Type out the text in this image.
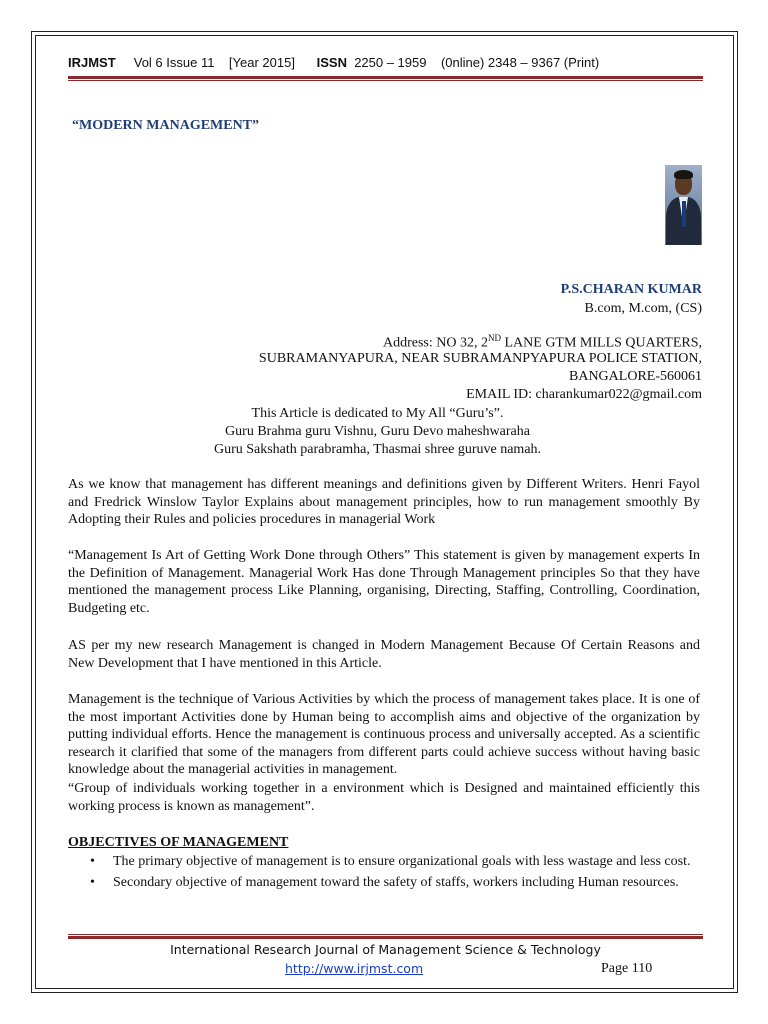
IRJMST Vol 6 Issue 11 [Year 2015] ISSN 2250 – 1959 (0nline) 2348 – 9367 (Print)
“MODERN MANAGEMENT”
P.S.CHARAN KUMAR
B.com, M.com, (CS)
Address: NO 32, 2ND LANE GTM MILLS QUARTERS,
SUBRAMANYAPURA, NEAR SUBRAMANPYAPURA POLICE STATION,
BANGALORE-560061
EMAIL ID: charankumar022@gmail.com
This Article is dedicated to My All “Guru’s”.
Guru Brahma guru Vishnu, Guru Devo maheshwaraha
Guru Sakshath parabramha, Thasmai shree guruve namah.
As we know that management has different meanings and definitions given by Different Writers. Henri Fayol and Fredrick Winslow Taylor Explains about management principles, how to run management smoothly By Adopting their Rules and policies procedures in managerial Work
“Management Is Art of Getting Work Done through Others” This statement is given by management experts In the Definition of Management. Managerial Work Has done Through Management principles So that they have mentioned the management process Like Planning, organising, Directing, Staffing, Controlling, Coordination, Budgeting etc.
AS per my new research Management is changed in Modern Management Because Of Certain Reasons and New Development that I have mentioned in this Article.
Management is the technique of Various Activities by which the process of management takes place. It is one of the most important Activities done by Human being to accomplish aims and objective of the organization by putting individual efforts. Hence the management is continuous process and universally accepted. As a scientific research it clarified that some of the managers from different parts could achieve success without having basic knowledge about the managerial activities in management.
“Group of individuals working together in a environment which is Designed and maintained efficiently this working process is known as management”.
OBJECTIVES OF MANAGEMENT
• The primary objective of management is to ensure organizational goals with less wastage and less cost.
• Secondary objective of management toward the safety of staffs, workers including Human resources.
International Research Journal of Management Science & Technology
http://www.irjmst.com	Page 110
